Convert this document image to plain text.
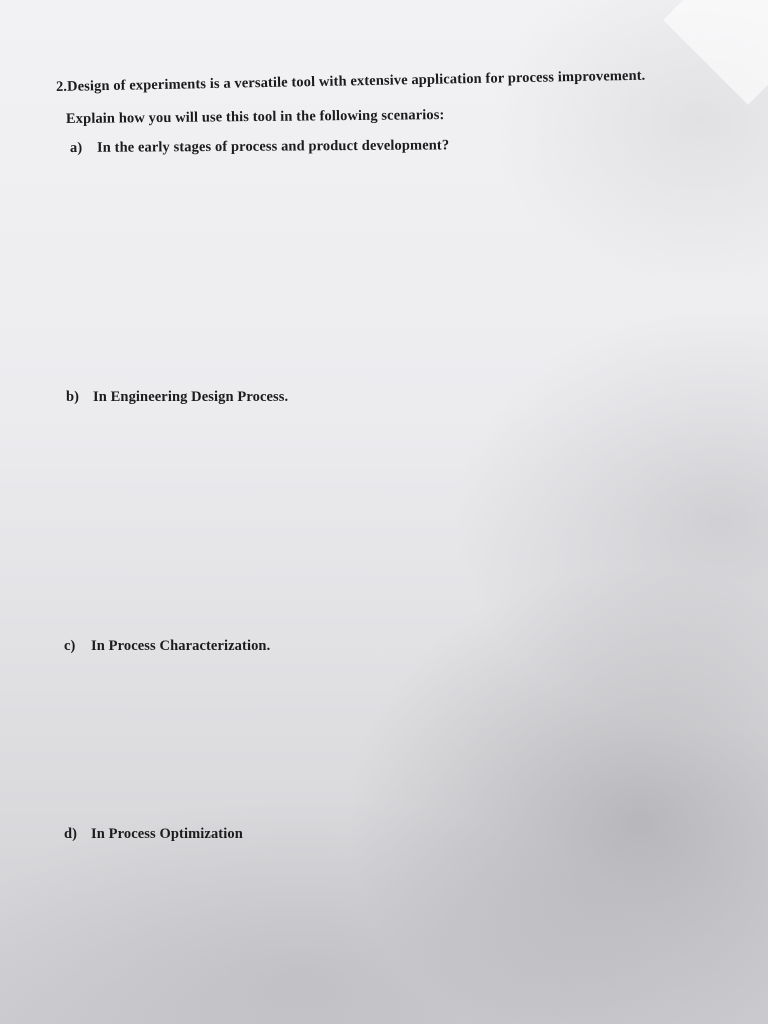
2.Design of experiments is a versatile tool with extensive application for process improvement.
Explain how you will use this tool in the following scenarios:
a) In the early stages of process and product development?
b) In Engineering Design Process.
c) In Process Characterization.
d) In Process Optimization
